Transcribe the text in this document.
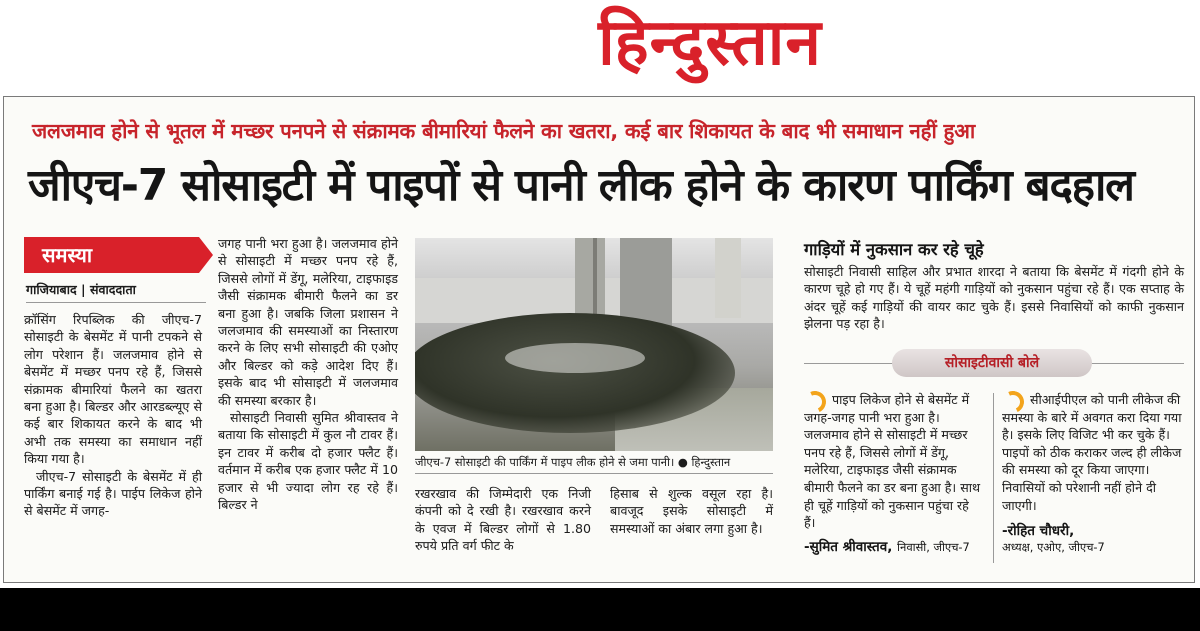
हिन्दुस्तान
जलजमाव होने से भूतल में मच्छर पनपने से संक्रामक बीमारियां फैलने का खतरा, कई बार शिकायत के बाद भी समाधान नहीं हुआ
जीएच-7 सोसाइटी में पाइपों से पानी लीक होने के कारण पार्किंग बदहाल
समस्या
गाजियाबाद | संवाददाता

क्रॉसिंग रिपब्लिक की जीएच-7 सोसाइटी के बेसमेंट में पानी टपकने से लोग परेशान हैं। जलजमाव होने से बेसमेंट में मच्छर पनप रहे हैं, जिससे संक्रामक बीमारियां फैलने का खतरा बना हुआ है। बिल्डर और आरडब्ल्यूए से कई बार शिकायत करने के बाद भी अभी तक समस्या का समाधान नहीं किया गया है।

जीएच-7 सोसाइटी के बेसमेंट में ही पार्किंग बनाई गई है। पाईप लिकेज होने से बेसमेंट में जगह-

जगह पानी भरा हुआ है। जलजमाव होने से सोसाइटी में मच्छर पनप रहे हैं, जिससे लोगों में डेंगू, मलेरिया, टाइफाइड जैसी संक्रामक बीमारी फैलने का डर बना हुआ है। जबकि जिला प्रशासन ने जलजमाव की समस्याओं का निस्तारण करने के लिए सभी सोसाइटी की एओए और बिल्डर को कड़े आदेश दिए हैं। इसके बाद भी सोसाइटी में जलजमाव की समस्या बरकार है।

सोसाइटी निवासी सुमित श्रीवास्तव ने बताया कि सोसाइटी में कुल नौ टावर हैं। इन टावर में करीब दो हजार फ्लैट हैं। वर्तमान में करीब एक हजार फ्लैट में 10 हजार से भी ज्यादा लोग रह रहे हैं। बिल्डर ने

जीएच-7 सोसाइटी की पार्किंग में पाइप लीक होने से जमा पानी। ● हिन्दुस्तान

रखरखाव की जिम्मेदारी एक निजी कंपनी को दे रखी है। रखरखाव करने के एवज में बिल्डर लोगों से 1.80 रुपये प्रति वर्ग फीट के

हिसाब से शुल्क वसूल रहा है। बावजूद इसके सोसाइटी में समस्याओं का अंबार लगा हुआ है।

गाड़ियों में नुकसान कर रहे चूहे
सोसाइटी निवासी साहिल और प्रभात शारदा ने बताया कि बेसमेंट में गंदगी होने के कारण चूहे हो गए हैं। ये चूहें महंगी गाड़ियों को नुकसान पहुंचा रहे हैं। एक सप्ताह के अंदर चूहें कई गाड़ियों की वायर काट चुके हैं। इससे निवासियों को काफी नुकसान झेलना पड़ रहा है।
सोसाइटीवासी बोले
पाइप लिकेज होने से बेसमेंट में जगह-जगह पानी भरा हुआ है। जलजमाव होने से सोसाइटी में मच्छर पनप रहे हैं, जिससे लोगों में डेंगू, मलेरिया, टाइफाइड जैसी संक्रामक बीमारी फैलने का डर बना हुआ है। साथ ही चूहें गाड़ियों को नुकसान पहुंचा रहे हैं।
-सुमित श्रीवास्तव, निवासी, जीएच-7
सीआईपीएल को पानी लीकेज की समस्या के बारे में अवगत करा दिया गया है। इसके लिए विजिट भी कर चुके हैं। पाइपों को ठीक कराकर जल्द ही लीकेज की समस्या को दूर किया जाएगा। निवासियों को परेशानी नहीं होने दी जाएगी।
-रोहित चौधरी,
अध्यक्ष, एओए, जीएच-7
